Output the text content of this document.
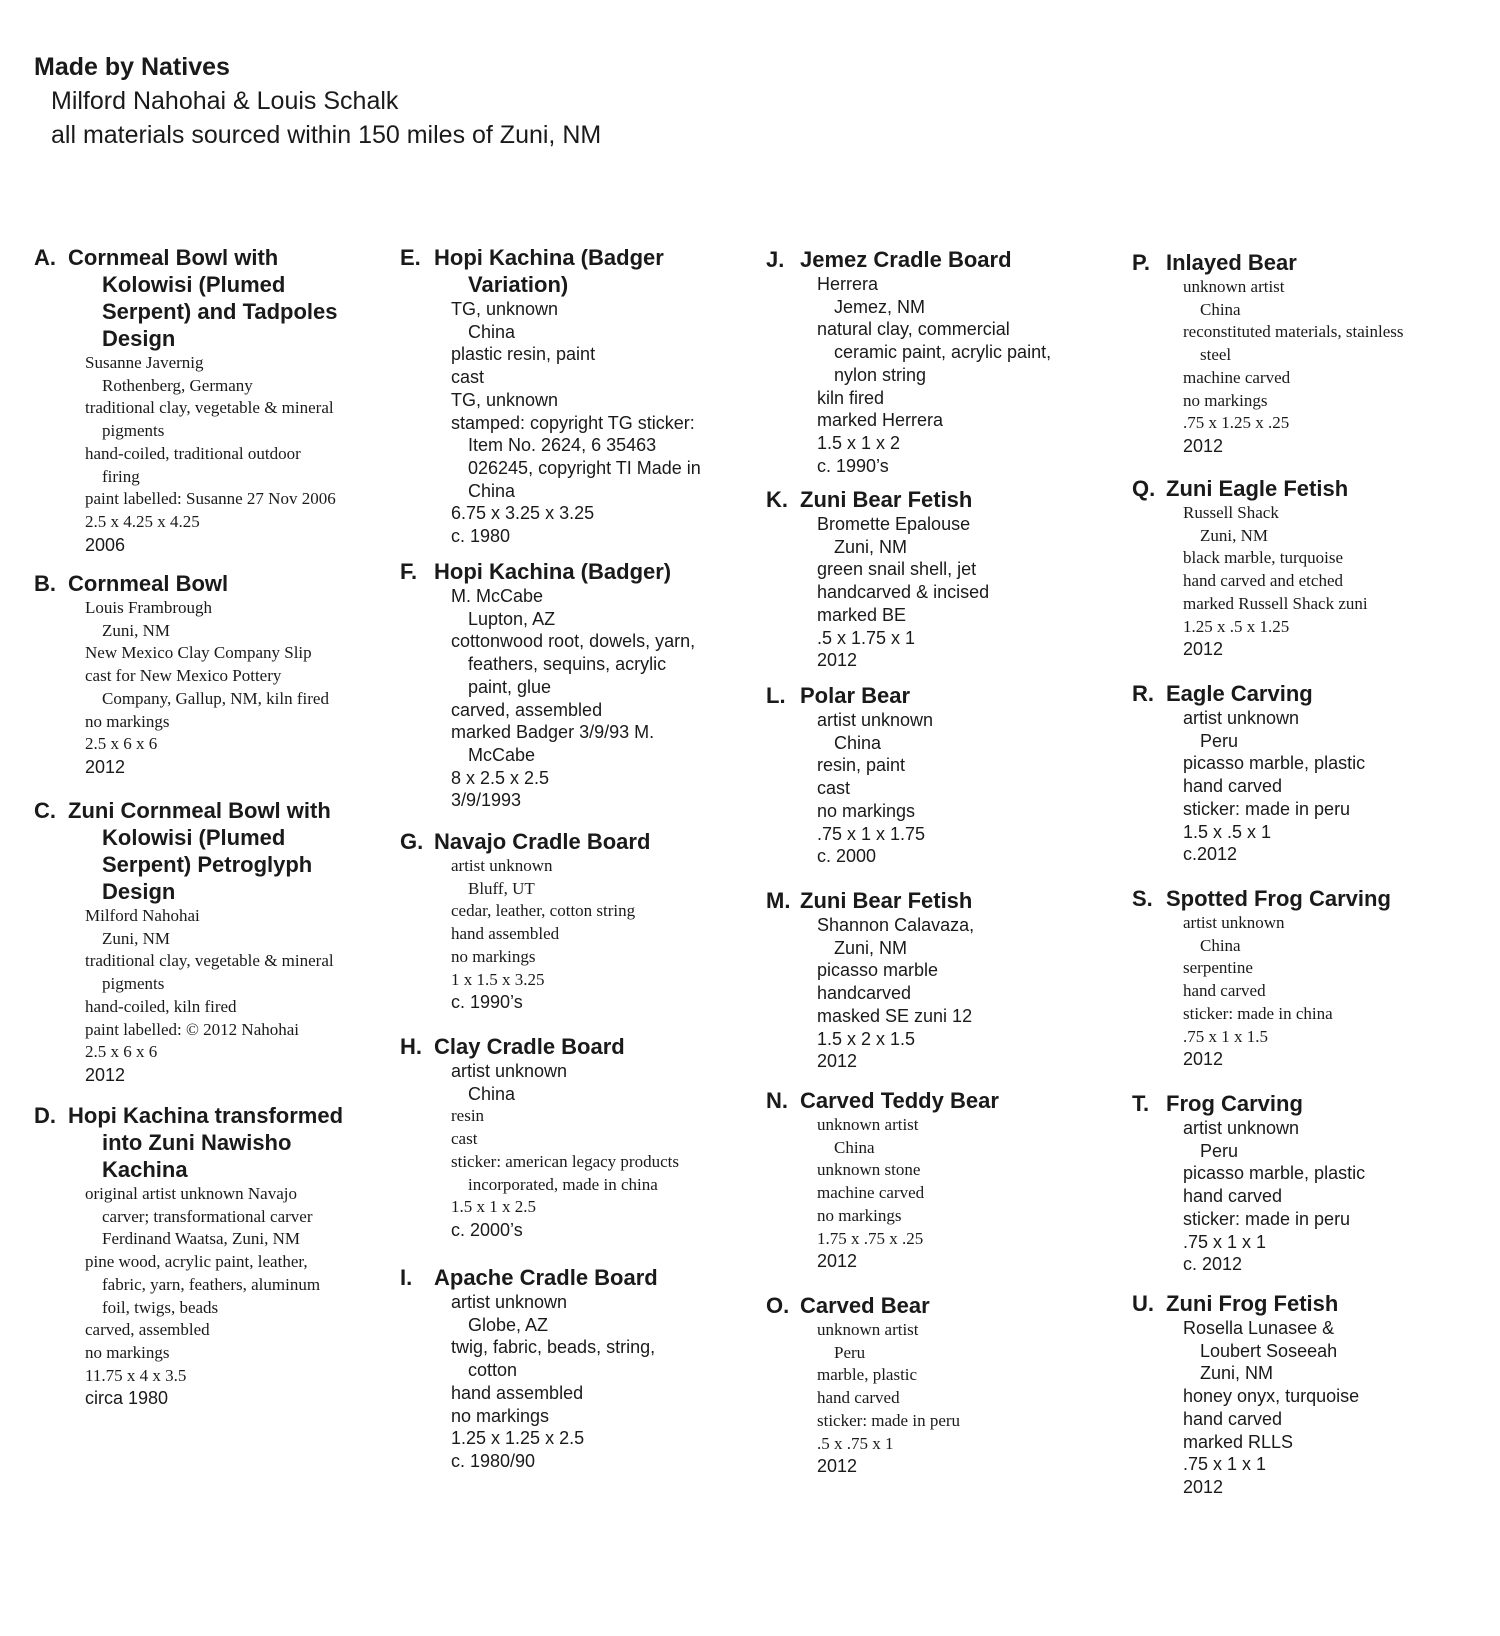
Made by Natives
Milford Nahohai & Louis Schalk
all materials sourced within 150 miles of Zuni, NM
A. Cornmeal Bowl with
Kolowisi (Plumed
Serpent) and Tadpoles
Design
Susanne Javernig
Rothenberg, Germany
traditional clay, vegetable & mineral
pigments
hand-coiled, traditional outdoor
firing
paint labelled: Susanne 27 Nov 2006
2.5 x 4.25 x 4.25
2006
B. Cornmeal Bowl
Louis Frambrough
Zuni, NM
New Mexico Clay Company Slip
cast for New Mexico Pottery
Company, Gallup, NM, kiln fired
no markings
2.5 x 6 x 6
2012
C. Zuni Cornmeal Bowl with
Kolowisi (Plumed
Serpent) Petroglyph
Design
Milford Nahohai
Zuni, NM
traditional clay, vegetable & mineral
pigments
hand-coiled, kiln fired
paint labelled: © 2012 Nahohai
2.5 x 6 x 6
2012
D. Hopi Kachina transformed
into Zuni Nawisho
Kachina
original artist unknown Navajo
carver; transformational carver
Ferdinand Waatsa, Zuni, NM
pine wood, acrylic paint, leather,
fabric, yarn, feathers, aluminum
foil, twigs, beads
carved, assembled
no markings
11.75 x 4 x 3.5
circa 1980
E. Hopi Kachina (Badger
Variation)
TG, unknown
China
plastic resin, paint
cast
TG, unknown
stamped: copyright TG sticker:
Item No. 2624, 6 35463
026245, copyright TI Made in
China
6.75 x 3.25 x 3.25
c. 1980
F. Hopi Kachina (Badger)
M. McCabe
Lupton, AZ
cottonwood root, dowels, yarn,
feathers, sequins, acrylic
paint, glue
carved, assembled
marked Badger 3/9/93 M.
McCabe
8 x 2.5 x 2.5
3/9/1993
G. Navajo Cradle Board
artist unknown
Bluff, UT
cedar, leather, cotton string
hand assembled
no markings
1 x 1.5 x 3.25
c. 1990’s
H. Clay Cradle Board
artist unknown
China
resin
cast
sticker: american legacy products
incorporated, made in china
1.5 x 1 x 2.5
c. 2000’s
I. Apache Cradle Board
artist unknown
Globe, AZ
twig, fabric, beads, string,
cotton
hand assembled
no markings
1.25 x 1.25 x 2.5
c. 1980/90
J. Jemez Cradle Board
Herrera
Jemez, NM
natural clay, commercial
ceramic paint, acrylic paint,
nylon string
kiln fired
marked Herrera
1.5 x 1 x 2
c. 1990’s
K. Zuni Bear Fetish
Bromette Epalouse
Zuni, NM
green snail shell, jet
handcarved & incised
marked BE
.5 x 1.75 x 1
2012
L. Polar Bear
artist unknown
China
resin, paint
cast
no markings
.75 x 1 x 1.75
c. 2000
M. Zuni Bear Fetish
Shannon Calavaza,
Zuni, NM
picasso marble
handcarved
masked SE zuni 12
1.5 x 2 x 1.5
2012
N. Carved Teddy Bear
unknown artist
China
unknown stone
machine carved
no markings
1.75 x .75 x .25
2012
O. Carved Bear
unknown artist
Peru
marble, plastic
hand carved
sticker: made in peru
.5 x .75 x 1
2012
P. Inlayed Bear
unknown artist
China
reconstituted materials, stainless
steel
machine carved
no markings
.75 x 1.25 x .25
2012
Q. Zuni Eagle Fetish
Russell Shack
Zuni, NM
black marble, turquoise
hand carved and etched
marked Russell Shack zuni
1.25 x .5 x 1.25
2012
R. Eagle Carving
artist unknown
Peru
picasso marble, plastic
hand carved
sticker: made in peru
1.5 x .5 x 1
c.2012
S. Spotted Frog Carving
artist unknown
China
serpentine
hand carved
sticker: made in china
.75 x 1 x 1.5
2012
T. Frog Carving
artist unknown
Peru
picasso marble, plastic
hand carved
sticker: made in peru
.75 x 1 x 1
c. 2012
U. Zuni Frog Fetish
Rosella Lunasee &
Loubert Soseeah
Zuni, NM
honey onyx, turquoise
hand carved
marked RLLS
.75 x 1 x 1
2012
